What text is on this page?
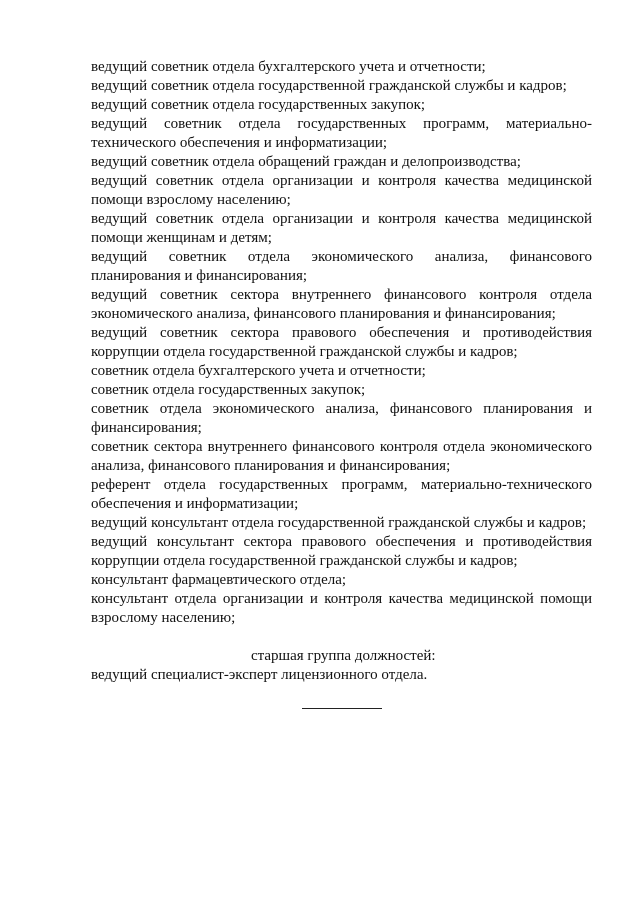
ведущий советник отдела бухгалтерского учета и отчетности;

ведущий советник отдела государственной гражданской службы и кадров;

ведущий советник отдела государственных закупок;

ведущий советник отдела государственных программ, материально-технического обеспечения и информатизации;

ведущий советник отдела обращений граждан и делопроизводства;

ведущий советник отдела организации и контроля качества медицинской помощи взрослому населению;

ведущий советник отдела организации и контроля качества медицинской помощи женщинам и детям;

ведущий советник отдела экономического анализа, финансового планирования и финансирования;

ведущий советник сектора внутреннего финансового контроля отдела экономического анализа, финансового планирования и финансирования;

ведущий советник сектора правового обеспечения и противодействия коррупции отдела государственной гражданской службы и кадров;

советник отдела бухгалтерского учета и отчетности;

советник отдела государственных закупок;

советник отдела экономического анализа, финансового планирования и финансирования;

советник сектора внутреннего финансового контроля отдела экономического анализа, финансового планирования и финансирования;

референт отдела государственных программ, материально-технического обеспечения и информатизации;

ведущий консультант отдела государственной гражданской службы и кадров;

ведущий консультант сектора правового обеспечения и противодействия коррупции отдела государственной гражданской службы и кадров;

консультант фармацевтического отдела;

консультант отдела организации и контроля качества медицинской помощи взрослому населению;

старшая группа должностей:

ведущий специалист-эксперт лицензионного отдела.
